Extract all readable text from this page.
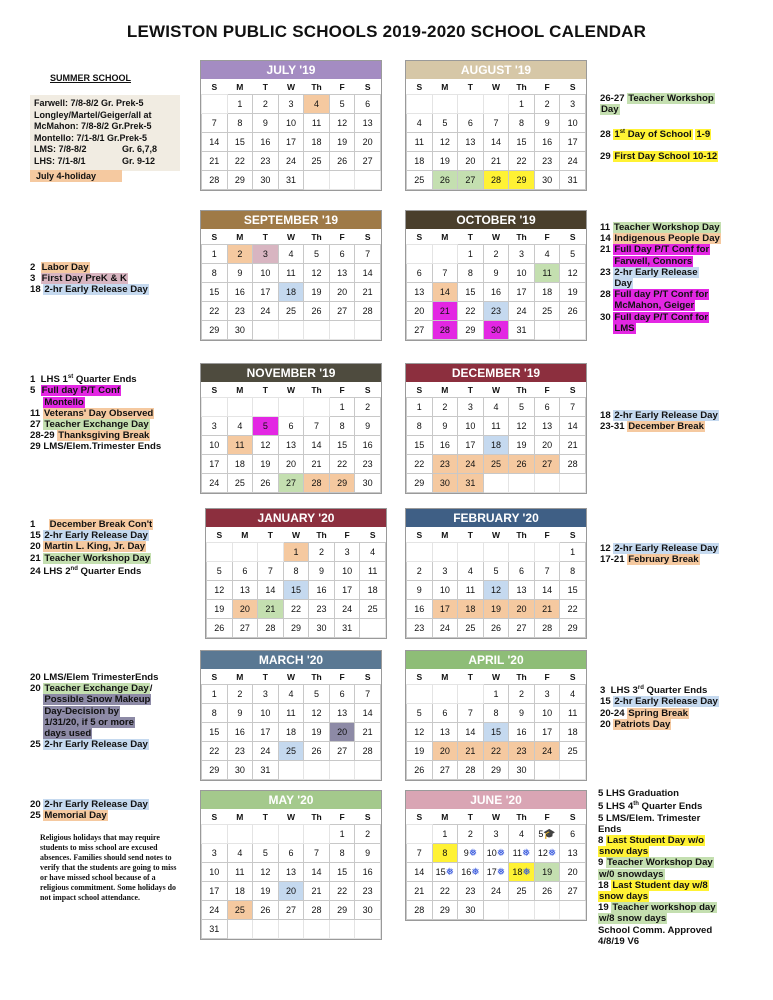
LEWISTON PUBLIC SCHOOLS 2019-2020 SCHOOL CALENDAR
SUMMER SCHOOL
Farwell: 7/8-8/2 Gr. Prek-5
Longley/Martel/Geiger/all at
McMahon: 7/8-8/2 Gr.Prek-5
Montello: 7/1-8/1 Gr.Prek-5
LMS: 7/8-8/2	Gr. 6,7,8
LHS: 7/1-8/1	Gr. 9-12
July 4-holiday
JULY '19
S	M	T	W	Th	F	S
	1	2	3	4	5	6
7	8	9	10	11	12	13
14	15	16	17	18	19	20
21	22	23	24	25	26	27
28	29	30	31			
AUGUST '19
S	M	T	W	Th	F	S
				1	2	3
4	5	6	7	8	9	10
11	12	13	14	15	16	17
18	19	20	21	22	23	24
25	26	27	28	29	30	31
SEPTEMBER '19
S	M	T	W	Th	F	S
1	2	3	4	5	6	7
8	9	10	11	12	13	14
15	16	17	18	19	20	21
22	23	24	25	26	27	28
29	30					
OCTOBER '19
S	M	T	W	Th	F	S
		1	2	3	4	5
6	7	8	9	10	11	12
13	14	15	16	17	18	19
20	21	22	23	24	25	26
27	28	29	30	31		
NOVEMBER '19
S	M	T	W	Th	F	S
					1	2
3	4	5	6	7	8	9
10	11	12	13	14	15	16
17	18	19	20	21	22	23
24	25	26	27	28	29	30
DECEMBER '19
S	M	T	W	Th	F	S
1	2	3	4	5	6	7
8	9	10	11	12	13	14
15	16	17	18	19	20	21
22	23	24	25	26	27	28
29	30	31				
JANUARY '20
S	M	T	W	Th	F	S
			1	2	3	4
5	6	7	8	9	10	11
12	13	14	15	16	17	18
19	20	21	22	23	24	25
26	27	28	29	30	31	
FEBRUARY '20
S	M	T	W	Th	F	S
						1
2	3	4	5	6	7	8
9	10	11	12	13	14	15
16	17	18	19	20	21	22
23	24	25	26	27	28	29
MARCH '20
S	M	T	W	Th	F	S
1	2	3	4	5	6	7
8	9	10	11	12	13	14
15	16	17	18	19	20	21
22	23	24	25	26	27	28
29	30	31				
APRIL '20
S	M	T	W	Th	F	S
			1	2	3	4
5	6	7	8	9	10	11
12	13	14	15	16	17	18
19	20	21	22	23	24	25
26	27	28	29	30		
MAY '20
S	M	T	W	Th	F	S
					1	2
3	4	5	6	7	8	9
10	11	12	13	14	15	16
17	18	19	20	21	22	23
24	25	26	27	28	29	30
31						
JUNE '20
S	M	T	W	Th	F	S
	1	2	3	4	5🎓	6
7	8	9❅	10❅	11❅	12❅	13
14	15❅	16❅	17❅	18❅	19	20
21	22	23	24	25	26	27
28	29	30				
26-27 Teacher Workshop
Day

28 1st Day of School 1-9

29 First Day School 10-12
2  Labor Day
3  First Day PreK & K
18 2-hr Early Release Day
11 Teacher Workshop Day
14 Indigenous People Day
21 Full Day P/T Conf for
Farwell, Connors
23 2-hr Early Release
Day
28 Full day P/T Conf for
McMahon, Geiger
30 Full day P/T Conf for
LMS
1  LHS 1st Quarter Ends
5  Full day P/T Conf
Montello
11 Veterans' Day Observed
27 Teacher Exchange Day
28-29 Thanksgiving Break
29 LMS/Elem.Trimester Ends
18 2-hr Early Release Day
23-31 December Break
1     December Break Con't
15 2-hr Early Release Day
20 Martin L. King, Jr. Day
21 Teacher Workshop Day
24 LHS 2nd Quarter Ends
12 2-hr Early Release Day
17-21 February Break
20 LMS/Elem TrimesterEnds
20 Teacher Exchange Day/
Possible Snow Makeup
Day-Decision by
1/31/20, if 5 or more
days used
25 2-hr Early Release Day
3  LHS 3rd Quarter Ends
15 2-hr Early Release Day
20-24 Spring Break
20 Patriots Day
20 2-hr Early Release Day
25 Memorial Day
5 LHS Graduation
5 LHS 4th Quarter Ends
5 LMS/Elem. Trimester
Ends
8 Last Student Day w/o
snow days
9 Teacher Workshop Day
w/0 snowdays
18 Last Student day w/8
snow days
19 Teacher workshop day
w/8 snow days
School Comm. Approved
4/8/19 V6
Religious holidays that may require students to miss school are excused absences. Families should send notes to verify that the students are going to miss or have missed school because of a religious commitment. Some holidays do not impact school attendance.
